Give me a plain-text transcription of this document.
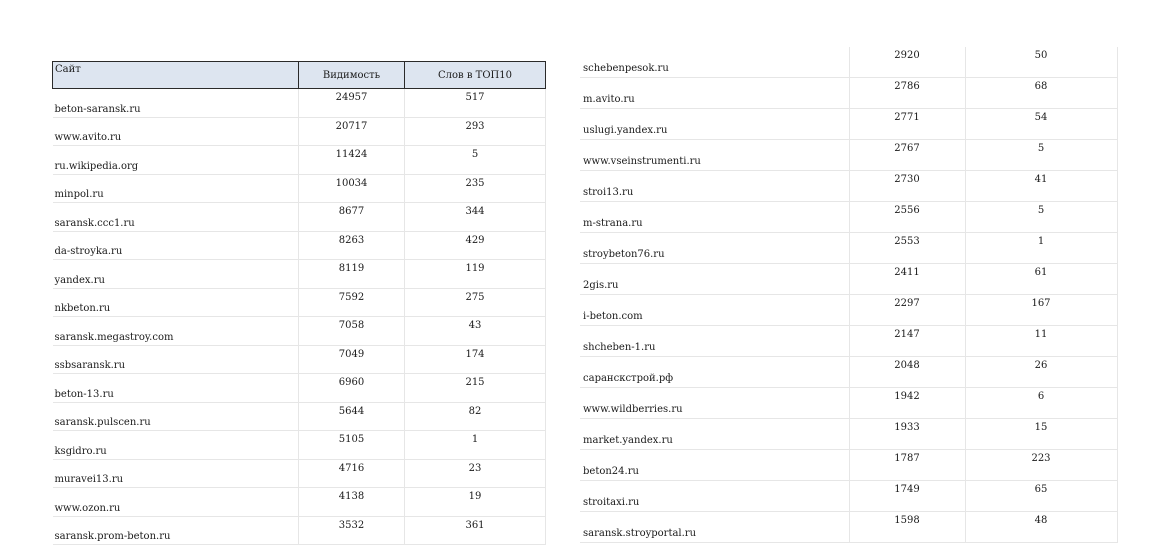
Сайт	Видимость	Слов в ТОП10
beton-saransk.ru	24957	517
www.avito.ru	20717	293
ru.wikipedia.org	11424	5
minpol.ru	10034	235
saransk.ccc1.ru	8677	344
da-stroyka.ru	8263	429
yandex.ru	8119	119
nkbeton.ru	7592	275
saransk.megastroy.com	7058	43
ssbsaransk.ru	7049	174
beton-13.ru	6960	215
saransk.pulscen.ru	5644	82
ksgidro.ru	5105	1
muravei13.ru	4716	23
www.ozon.ru	4138	19
saransk.prom-beton.ru	3532	361
schebenpesok.ru	2920	50
m.avito.ru	2786	68
uslugi.yandex.ru	2771	54
www.vseinstrumenti.ru	2767	5
stroi13.ru	2730	41
m-strana.ru	2556	5
stroybeton76.ru	2553	1
2gis.ru	2411	61
i-beton.com	2297	167
shcheben-1.ru	2147	11
саранскстрой.рф	2048	26
www.wildberries.ru	1942	6
market.yandex.ru	1933	15
beton24.ru	1787	223
stroitaxi.ru	1749	65
saransk.stroyportal.ru	1598	48
